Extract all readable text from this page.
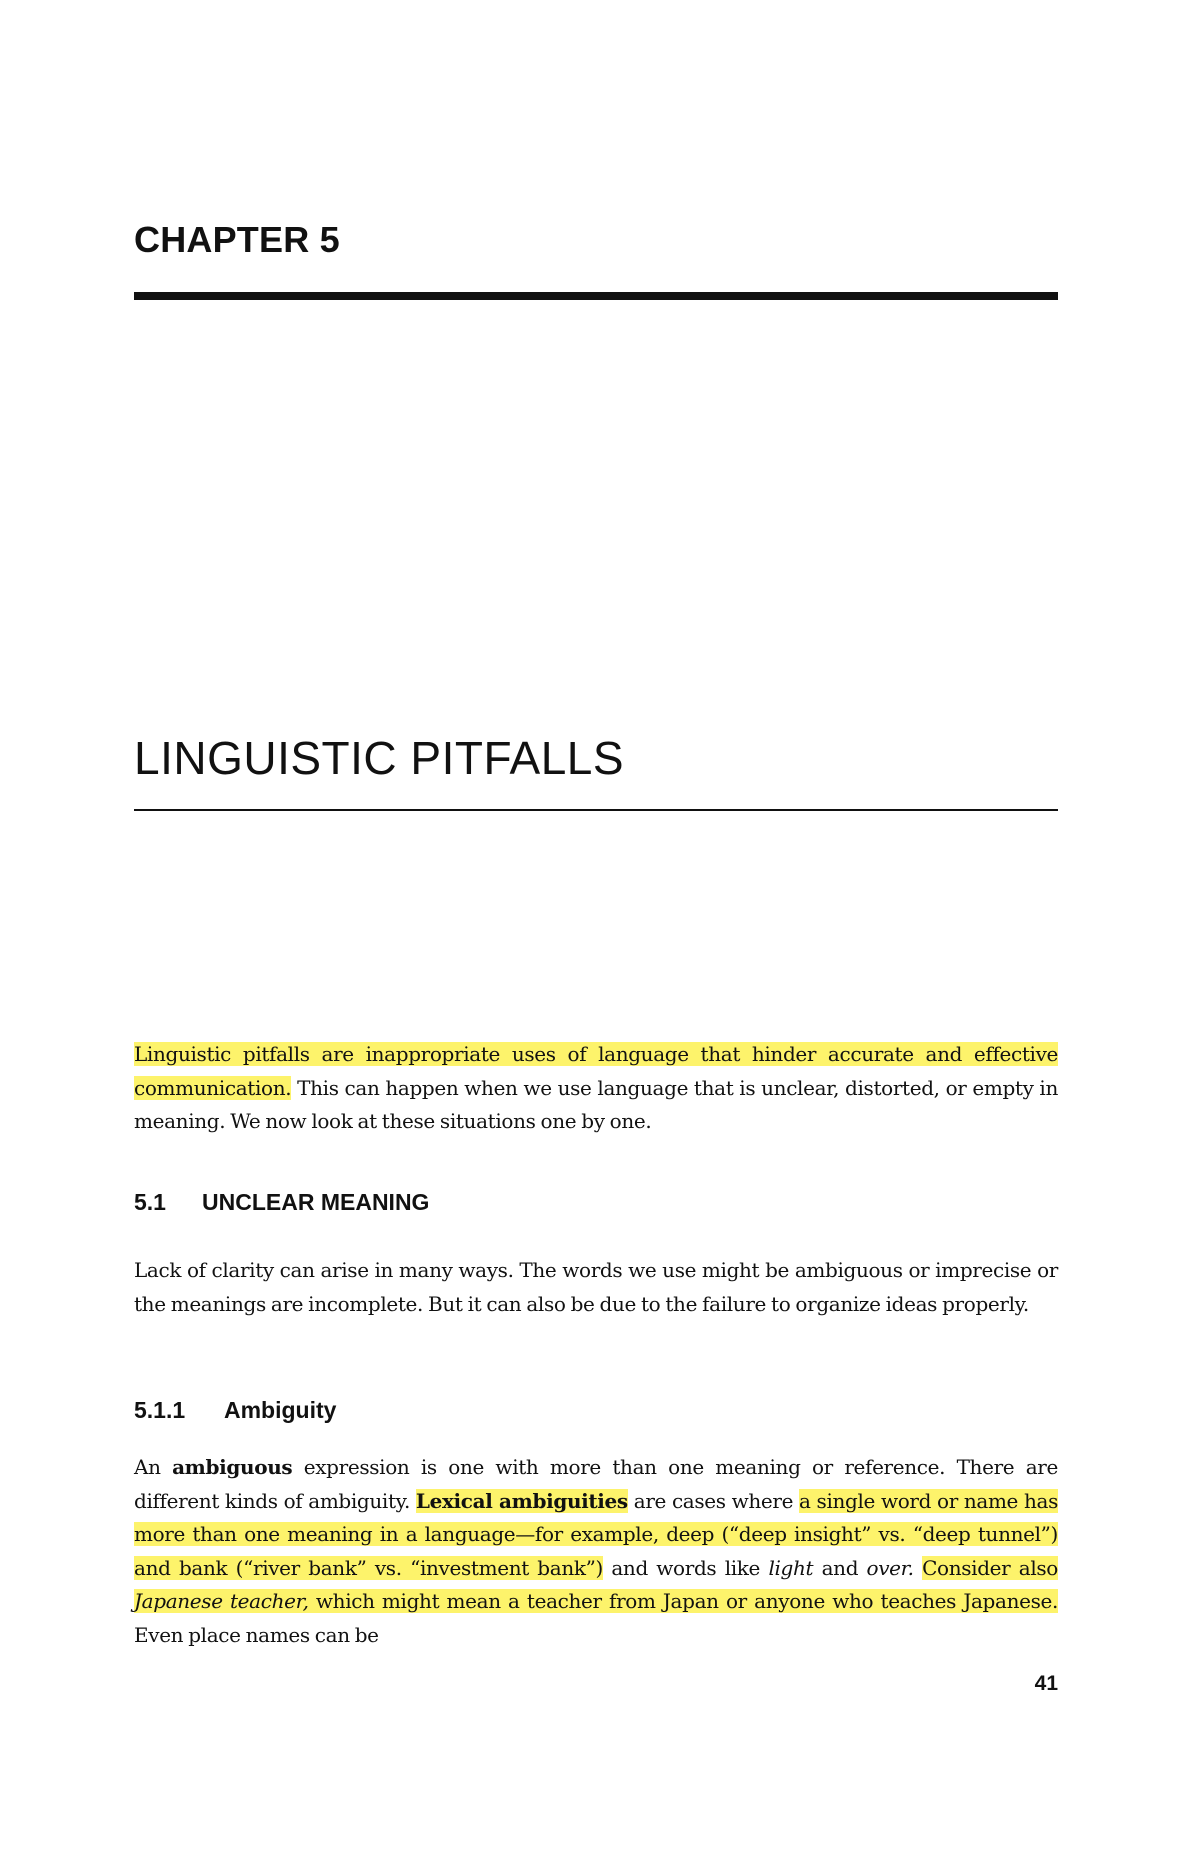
CHAPTER 5
LINGUISTIC PITFALLS

Linguistic pitfalls are inappropriate uses of language that hinder accurate and effective communication. This can happen when we use language that is unclear, distorted, or empty in meaning. We now look at these situations one by one.

5.1 UNCLEAR MEANING

Lack of clarity can arise in many ways. The words we use might be ambiguous or imprecise or the meanings are incomplete. But it can also be due to the failure to organize ideas properly.

5.1.1 Ambiguity

An ambiguous expression is one with more than one meaning or reference. There are different kinds of ambiguity. Lexical ambiguities are cases where a single word or name has more than one meaning in a language—for example, deep (“deep insight” vs. “deep tunnel”) and bank (“river bank” vs. “investment bank”) and words like light and over. Consider also Japanese teacher, which might mean a teacher from Japan or anyone who teaches Japanese. Even place names can be

41
